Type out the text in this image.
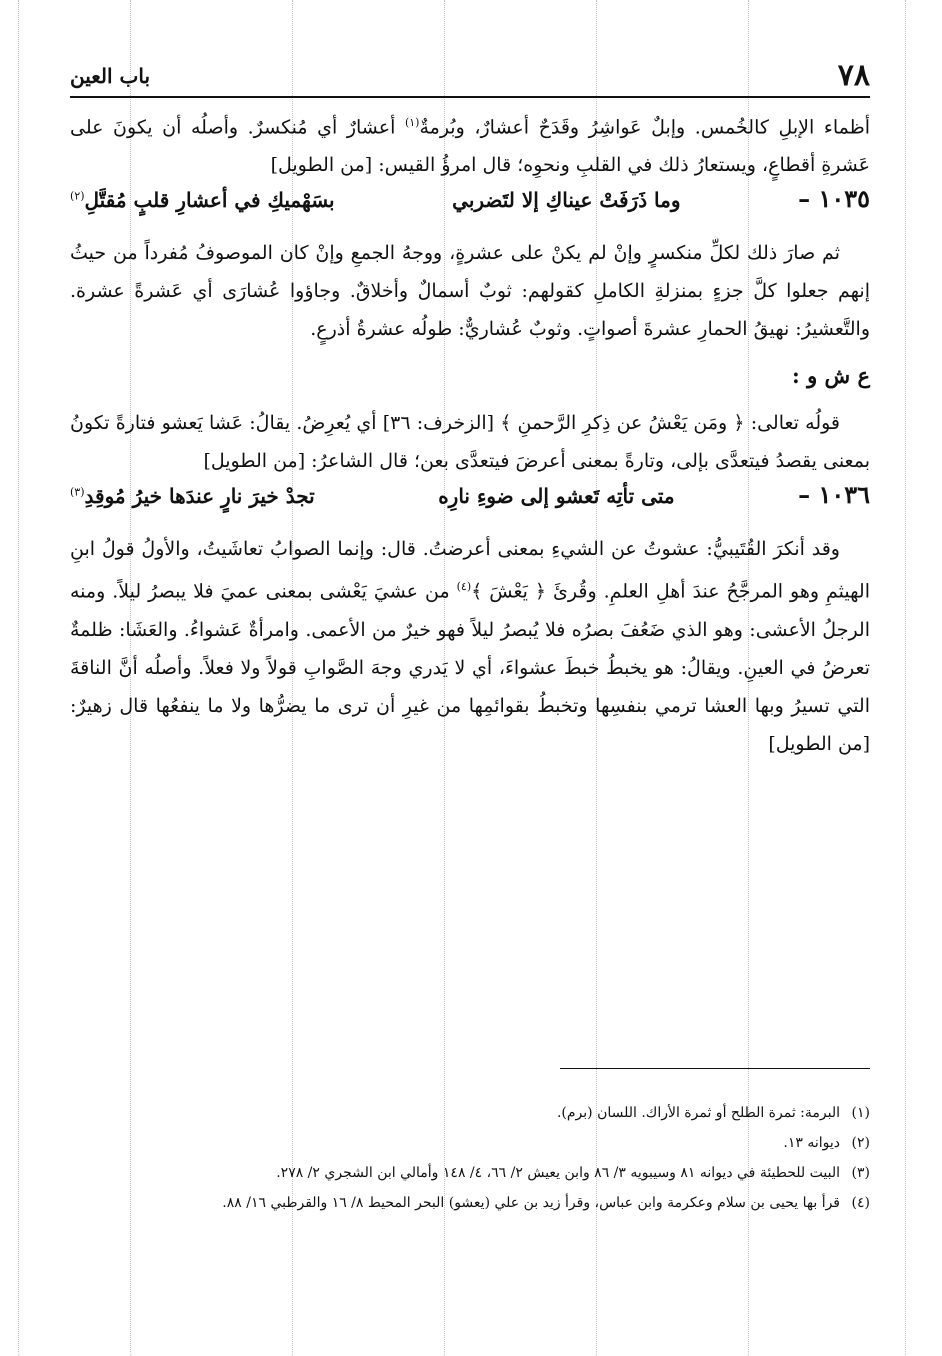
٧٨
باب العين

أظماء الإبلِ كالخُمس. وإبلٌ عَواشِرُ وقَدَحٌ أعشارٌ، وبُرمةٌ$^{(١)}$ أعشارٌ أي مُنكسرٌ. وأصلُه أن يكونَ على عَشرةِ أقطاعٍ، ويستعارُ ذلك في القلبِ ونحوِه؛ قال امرؤُ القيس: [من الطويل]

١٠٣٥ –
وما ذَرَفَتْ عيناكِ إلا لتَضربي
بسَهْميكِ في أعشارِ قلبٍ مُقتَّلِ$^{(٢)}$

ثم صارَ ذلك لكلِّ منكسرٍ وإنْ لم يكنْ على عشرةٍ، ووجهُ الجمعِ وإنْ كان الموصوفُ مُفرداً من حيثُ إنهم جعلوا كلَّ جزءٍ بمنزلةِ الكاملِ كقولهم: ثوبٌ أسمالٌ وأخلاقٌ. وجاؤوا عُشارَى أي عَشرةً عشرة. والتَّعشيرُ: نهيقُ الحمارِ عشرةَ أصواتٍ. وثوبٌ عُشاريٌّ: طولُه عشرةُ أذرعٍ.

ع ش و :

قولُه تعالى: ﴿ ومَن يَعْشُ عن ذِكرِ الرَّحمنِ ﴾ [الزخرف: ٣٦] أي يُعرِضُ. يقالُ: عَشا يَعشو فتارةً تكونُ بمعنى يقصدُ فيتعدَّى بإلى، وتارةً بمعنى أعرضَ فيتعدَّى بعن؛ قال الشاعرُ: [من الطويل]

١٠٣٦ –
متى تأتِه تَعشو إلى ضوءِ نارِه
تجدْ خيرَ نارٍ عندَها خيرُ مُوقِدِ$^{(٣)}$

وقد أنكرَ القُتَيبيُّ: عشوتُ عن الشيءِ بمعنى أعرضتُ. قال: وإنما الصوابُ تعاشَيتُ، والأولُ قولُ ابنِ الهيثمِ وهو المرجَّحُ عندَ أهلِ العلمِ. وقُرئَ ﴿ يَعْشَ ﴾$^{(٤)}$ من عشيَ يَعْشى بمعنى عميَ فلا يبصرُ ليلاً. ومنه الرجلُ الأعشى: وهو الذي ضَعُفَ بصرُه فلا يُبصرُ ليلاً فهو خيرٌ من الأعمى. وامرأةٌ عَشواءُ. والعَشَا: ظلمةٌ تعرضُ في العينِ. ويقالُ: هو يخبطُ خبطَ عشواءَ، أي لا يَدري وجهَ الصَّوابِ قولاً ولا فعلاً. وأصلُه أنَّ الناقةَ التي تسيرُ وبها العشا ترمي بنفسِها وتخبطُ بقوائمِها من غيرِ أن ترى ما يضرُّها ولا ما ينفعُها قال زهيرٌ: [من الطويل]

(١)
البرمة: ثمرة الطلح أو ثمرة الأراك. اللسان (برم).
(٢)
ديوانه ١٣.
(٣)
البيت للحطيئة في ديوانه ٨١ وسيبويه ٣/ ٨٦ وابن يعيش ٢/ ٦٦، ٤/ ١٤٨ وأمالي ابن الشجري ٢/ ٢٧٨.
(٤)
قرأ بها يحيى بن سلام وعكرمة وابن عباس، وقرأ زيد بن علي (يعشو) البحر المحيط ٨/ ١٦ والقرطبي ١٦/ ٨٨.
